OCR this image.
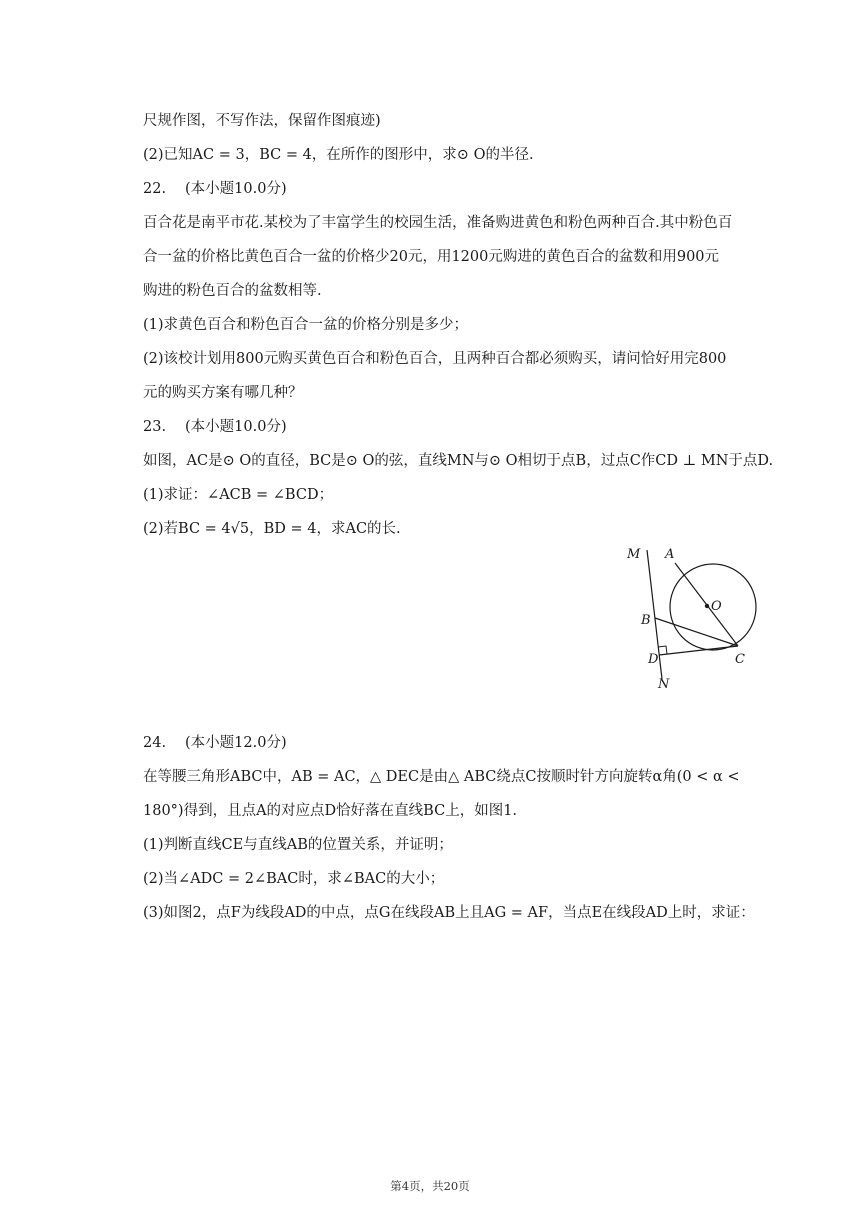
尺规作图，不写作法，保留作图痕迹)
(2)已知AC = 3，BC = 4，在所作的图形中，求⊙ O的半径.
22. (本小题10.0分)
百合花是南平市花.某校为了丰富学生的校园生活，准备购进黄色和粉色两种百合.其中粉色百
合一盆的价格比黄色百合一盆的价格少20元，用1200元购进的黄色百合的盆数和用900元
购进的粉色百合的盆数相等.
(1)求黄色百合和粉色百合一盆的价格分别是多少；
(2)该校计划用800元购买黄色百合和粉色百合，且两种百合都必须购买，请问恰好用完800
元的购买方案有哪几种？
23. (本小题10.0分)
如图，AC是⊙ O的直径，BC是⊙ O的弦，直线MN与⊙ O相切于点B，过点C作CD ⊥ MN于点D.
(1)求证：∠ACB = ∠BCD；
(2)若BC = 4√5，BD = 4，求AC的长.
M A
O
B
D	C
N
24. (本小题12.0分)
在等腰三角形ABC中，AB = AC，△ DEC是由△ ABC绕点C按顺时针方向旋转α角(0 < α <
180°)得到，且点A的对应点D恰好落在直线BC上，如图1.
(1)判断直线CE与直线AB的位置关系，并证明；
(2)当∠ADC = 2∠BAC时，求∠BAC的大小；
(3)如图2，点F为线段AD的中点，点G在线段AB上且AG = AF，当点E在线段AD上时，求证：
第4页，共20页
